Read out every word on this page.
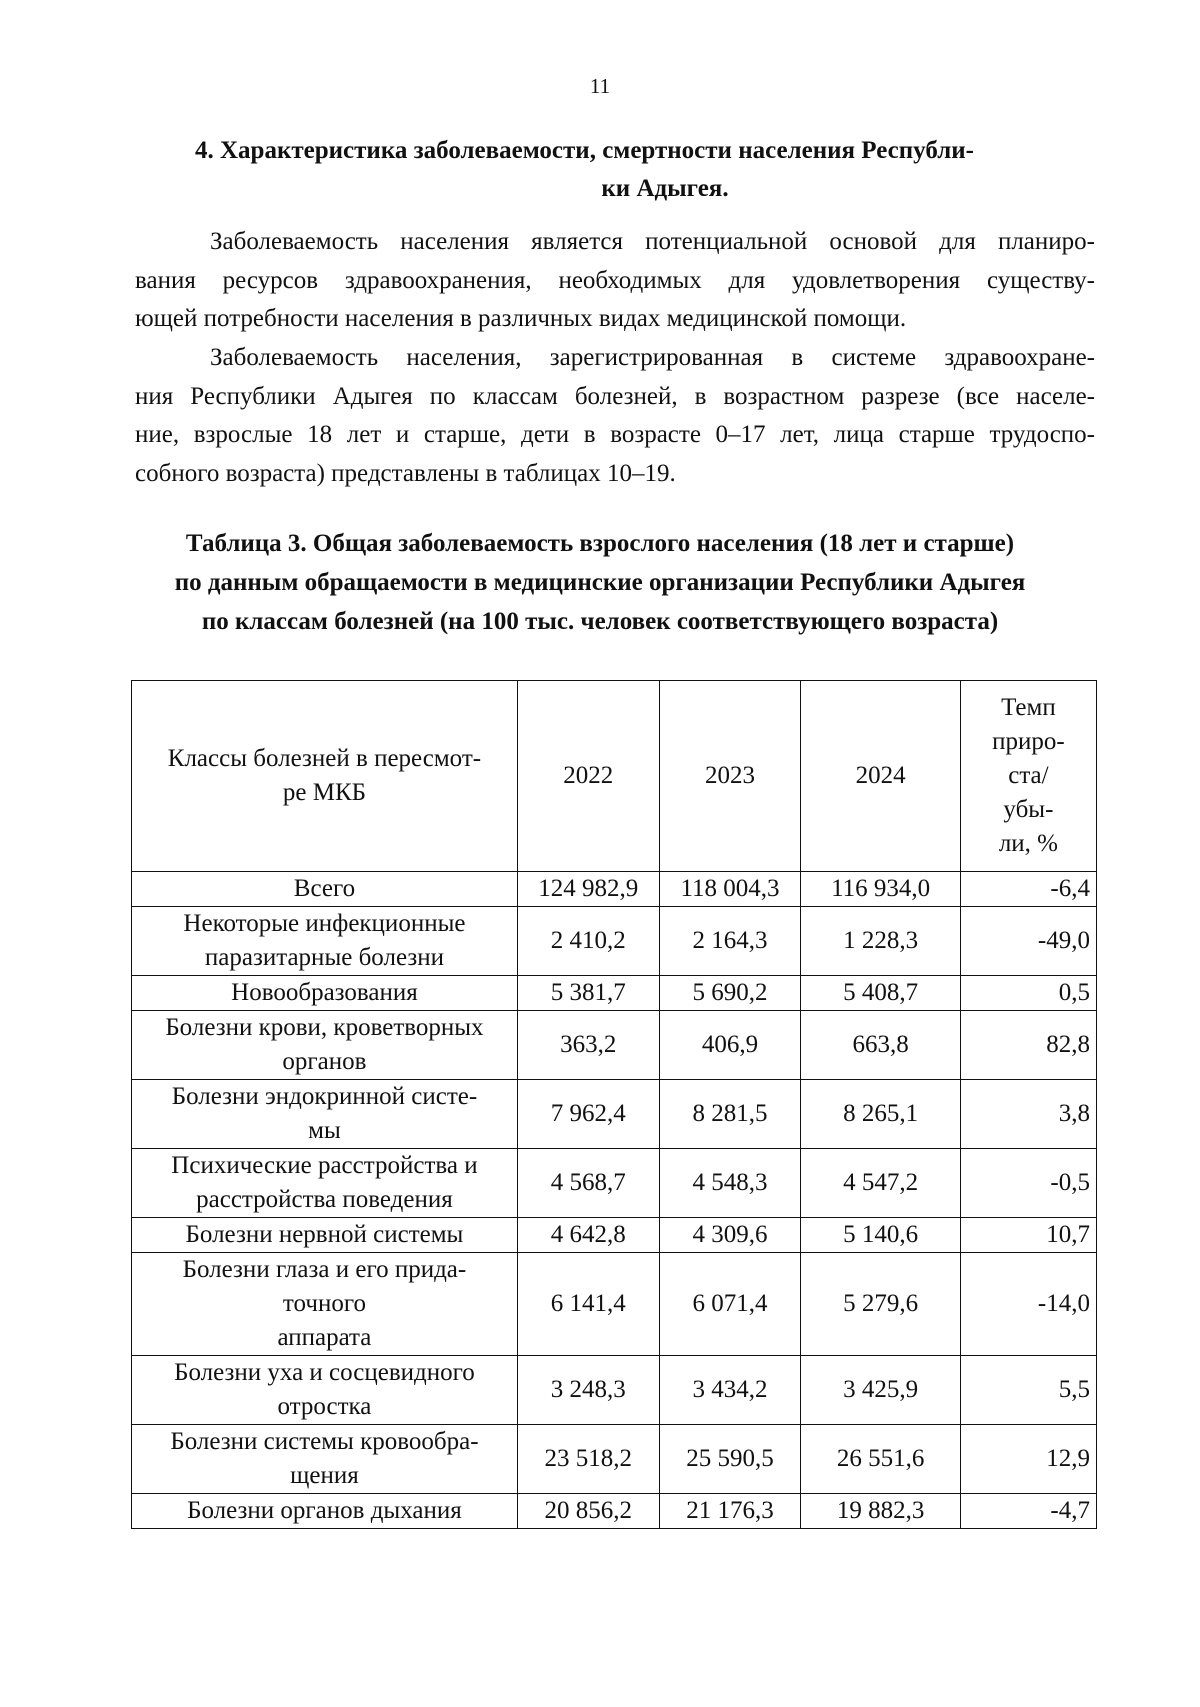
11
4. Характеристика заболеваемости, смертности населения Республи-
ки Адыгея.
Заболеваемость населения является потенциальной основой для планиро-
вания ресурсов здравоохранения, необходимых для удовлетворения существу-
ющей потребности населения в различных видах медицинской помощи.
Заболеваемость населения, зарегистрированная в системе здравоохране-
ния Республики Адыгея по классам болезней, в возрастном разрезе (все населе-
ние, взрослые 18 лет и старше, дети в возрасте 0–17 лет, лица старше трудоспо-
собного возраста) представлены в таблицах 10–19.
Таблица 3. Общая заболеваемость взрослого населения (18 лет и старше)
по данным обращаемости в медицинские организации Республики Адыгея
по классам болезней (на 100 тыс. человек соответствующего возраста)
Классы болезней в пересмот-
ре МКБ	2022	2023	2024	Темп
приро-
ста/
убы-
ли, %

Всего	124 982,9	118 004,3	116 934,0	-6,4

Некоторые инфекционные
паразитарные болезни	2 410,2	2 164,3	1 228,3	-49,0

Новообразования	5 381,7	5 690,2	5 408,7	0,5

Болезни крови, кроветворных
органов	363,2	406,9	663,8	82,8

Болезни эндокринной систе-
мы	7 962,4	8 281,5	8 265,1	3,8

Психические расстройства и
расстройства поведения	4 568,7	4 548,3	4 547,2	-0,5

Болезни нервной системы	4 642,8	4 309,6	5 140,6	10,7

Болезни глаза и его прида-
точного
аппарата	6 141,4	6 071,4	5 279,6	-14,0

Болезни уха и сосцевидного
отростка	3 248,3	3 434,2	3 425,9	5,5

Болезни системы кровообра-
щения	23 518,2	25 590,5	26 551,6	12,9

Болезни органов дыхания	20 856,2	21 176,3	19 882,3	-4,7
